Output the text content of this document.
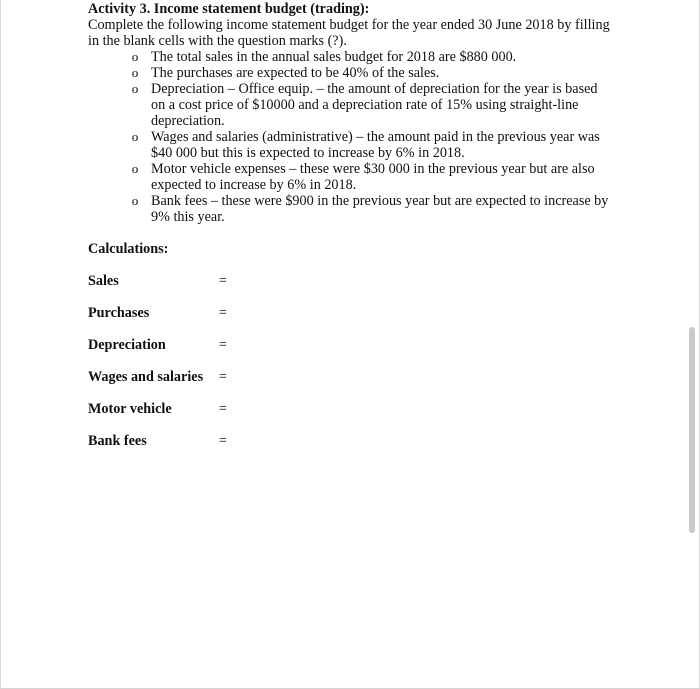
Activity 3. Income statement budget (trading):

Complete the following income statement budget for the year ended 30 June 2018 by filling in the blank cells with the question marks (?).

o The total sales in the annual sales budget for 2018 are $880 000.
o The purchases are expected to be 40% of the sales.
o Depreciation – Office equip. – the amount of depreciation for the year is based on a cost price of $10000 and a depreciation rate of 15% using straight-line depreciation.
o Wages and salaries (administrative) – the amount paid in the previous year was $40 000 but this is expected to increase by 6% in 2018.
o Motor vehicle expenses – these were $30 000 in the previous year but are also expected to increase by 6% in 2018.
o Bank fees – these were $900 in the previous year but are expected to increase by 9% this year.

Calculations:

Sales	=
Purchases	=
Depreciation	=
Wages and salaries =
Motor vehicle	=
Bank fees	=
